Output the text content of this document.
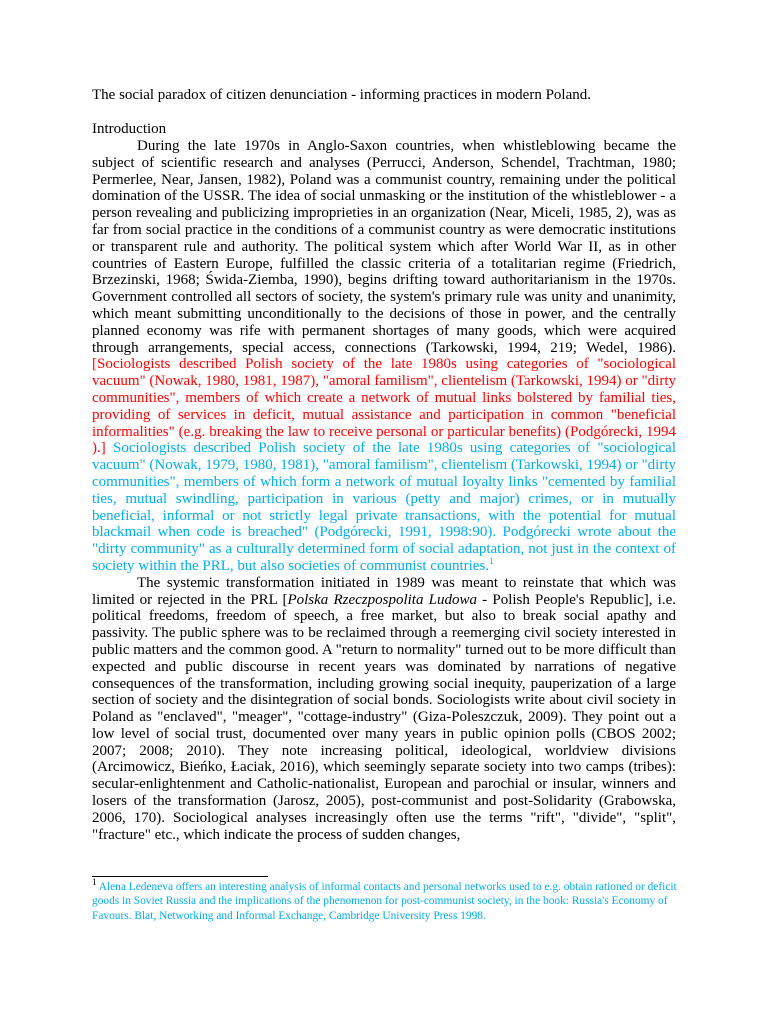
The social paradox of citizen denunciation - informing practices in modern Poland.

Introduction

During the late 1970s in Anglo-Saxon countries, when whistleblowing became the subject of scientific research and analyses (Perrucci, Anderson, Schendel, Trachtman, 1980; Permerlee, Near, Jansen, 1982), Poland was a communist country, remaining under the political domination of the USSR. The idea of social unmasking or the institution of the whistleblower - a person revealing and publicizing improprieties in an organization (Near, Miceli, 1985, 2), was as far from social practice in the conditions of a communist country as were democratic institutions or transparent rule and authority. The political system which after World War II, as in other countries of Eastern Europe, fulfilled the classic criteria of a totalitarian regime (Friedrich, Brzezinski, 1968; Świda-Ziemba, 1990), begins drifting toward authoritarianism in the 1970s. Government controlled all sectors of society, the system's primary rule was unity and unanimity, which meant submitting unconditionally to the decisions of those in power, and the centrally planned economy was rife with permanent shortages of many goods, which were acquired through arrangements, special access, connections (Tarkowski, 1994, 219; Wedel, 1986). [Sociologists described Polish society of the late 1980s using categories of "sociological vacuum" (Nowak, 1980, 1981, 1987), "amoral familism", clientelism (Tarkowski, 1994) or "dirty communities", members of which create a network of mutual links bolstered by familial ties, providing of services in deficit, mutual assistance and participation in common "beneficial informalities" (e.g. breaking the law to receive personal or particular benefits) (Podgórecki, 1994 ).] Sociologists described Polish society of the late 1980s using categories of "sociological vacuum" (Nowak, 1979, 1980, 1981), "amoral familism", clientelism (Tarkowski, 1994) or "dirty communities", members of which form a network of mutual loyalty links "cemented by familial ties, mutual swindling, participation in various (petty and major) crimes, or in mutually beneficial, informal or not strictly legal private transactions, with the potential for mutual blackmail when code is breached" (Podgórecki, 1991, 1998:90). Podgórecki wrote about the "dirty community" as a culturally determined form of social adaptation, not just in the context of society within the PRL, but also societies of communist countries.$^1$

The systemic transformation initiated in 1989 was meant to reinstate that which was limited or rejected in the PRL [Polska Rzeczpospolita Ludowa - Polish People's Republic], i.e. political freedoms, freedom of speech, a free market, but also to break social apathy and passivity. The public sphere was to be reclaimed through a reemerging civil society interested in public matters and the common good. A "return to normality" turned out to be more difficult than expected and public discourse in recent years was dominated by narrations of negative consequences of the transformation, including growing social inequity, pauperization of a large section of society and the disintegration of social bonds. Sociologists write about civil society in Poland as "enclaved", "meager", "cottage-industry" (Giza-Poleszczuk, 2009). They point out a low level of social trust, documented over many years in public opinion polls (CBOS 2002; 2007; 2008; 2010). They note increasing political, ideological, worldview divisions (Arcimowicz, Bieńko, Łaciak, 2016), which seemingly separate society into two camps (tribes): secular-enlightenment and Catholic-nationalist, European and parochial or insular, winners and losers of the transformation (Jarosz, 2005), post-communist and post-Solidarity (Grabowska, 2006, 170). Sociological analyses increasingly often use the terms "rift", "divide", "split", "fracture" etc., which indicate the process of sudden changes,

$^1$ Alena Ledeneva offers an interesting analysis of informal contacts and personal networks used to e.g. obtain rationed or deficit goods in Soviet Russia and the implications of the phenomenon for post-communist society, in the book: Russia's Economy of Favours. Blat, Networking and Informal Exchange, Cambridge University Press 1998.
